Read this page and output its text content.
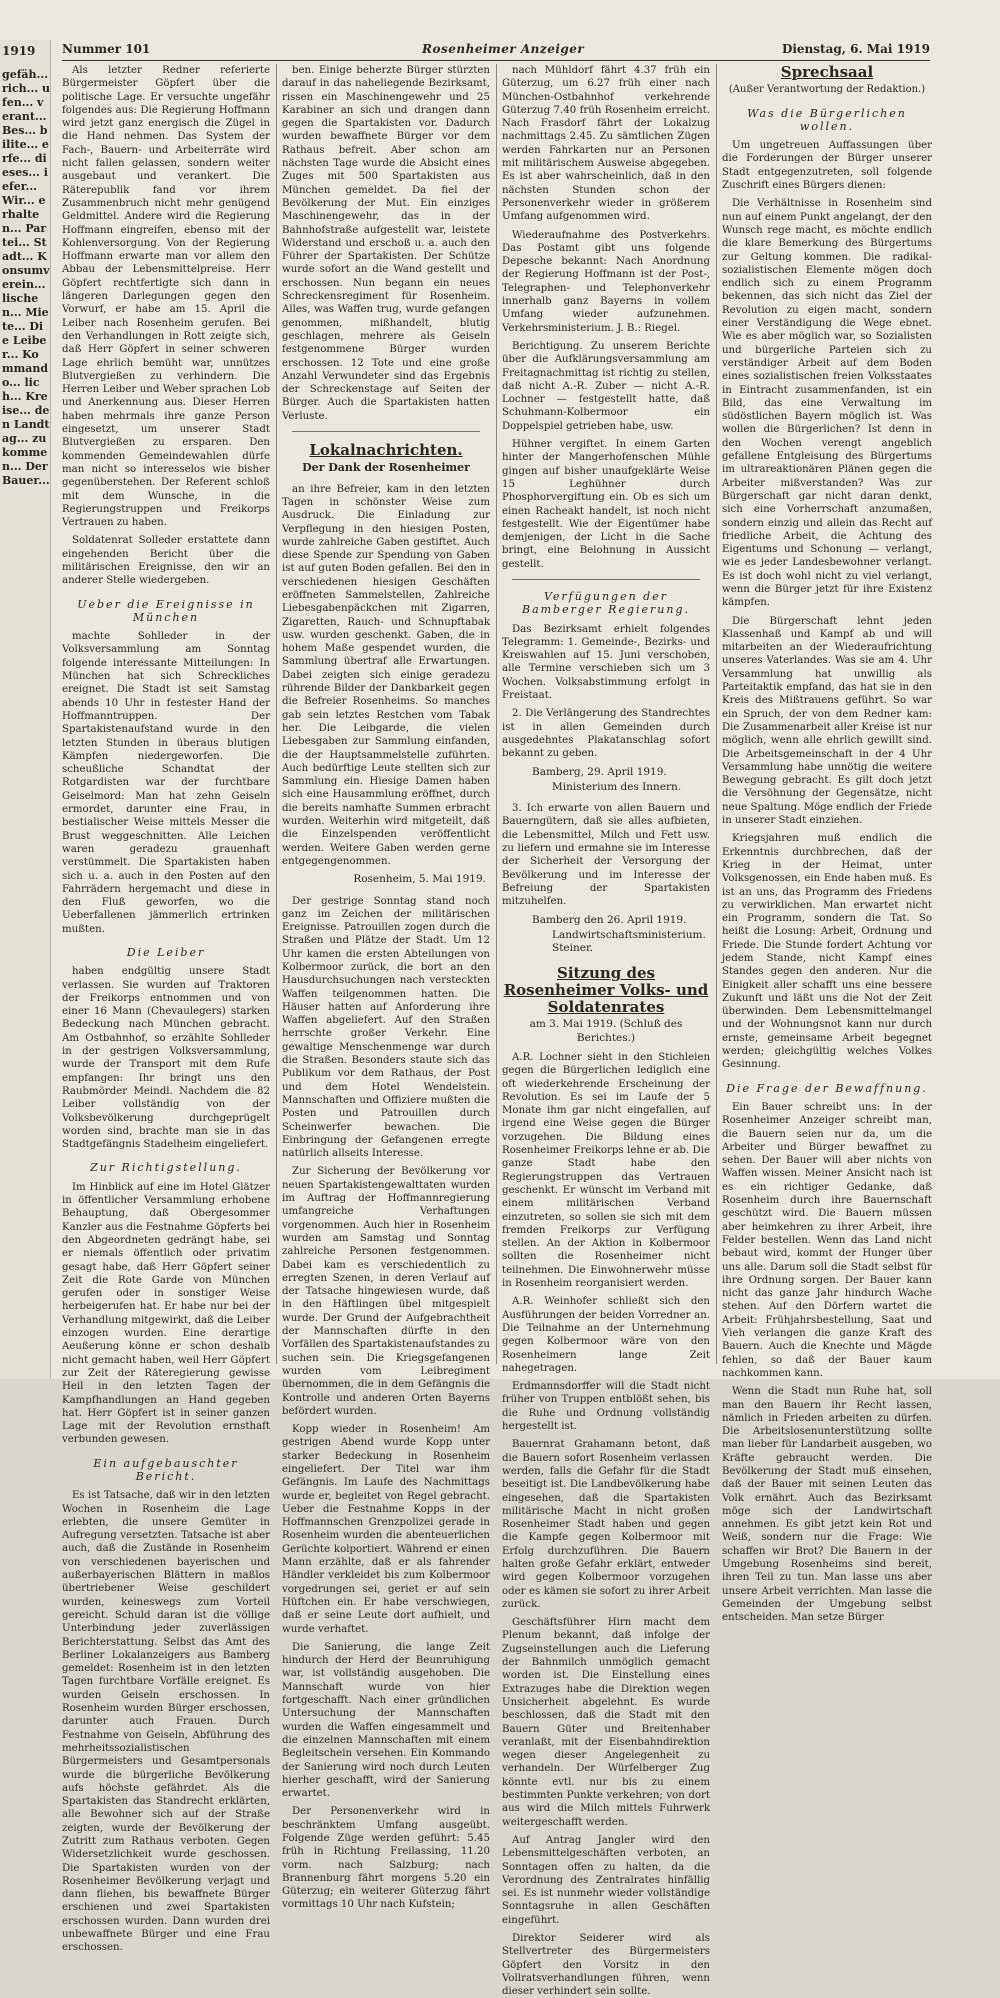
1919
gefäh... rich... ufen... verant... Bes... bilite... erfe... dieses... iefer... Wir... erhalten... Partei... Stadt... Konsumverein... lischen... Miete... Die Leiber... Kommando... lich... Kreise... den Landtag... zu kommen... Der Bauer...
Nummer 101	Rosenheimer Anzeiger	Dienstag, 6. Mai 1919

Als letzter Redner referierte Bürgermeister Göpfert über die politische Lage. Er versuchte ungefähr folgendes aus: Die Regierung Hoffmann wird jetzt ganz energisch die Zügel in die Hand nehmen. Das System der Fach-, Bauern- und Arbeiterräte wird nicht fallen gelassen, sondern weiter ausgebaut und verankert. Die Räterepublik fand vor ihrem Zusammenbruch nicht mehr genügend Geldmittel. Andere wird die Regierung Hoffmann eingreifen, ebenso mit der Kohlenversorgung. Von der Regierung Hoffmann erwarte man vor allem den Abbau der Lebensmittelpreise. Herr Göpfert rechtfertigte sich dann in längeren Darlegungen gegen den Vorwurf, er habe am 15. April die Leiber nach Rosenheim gerufen. Bei den Verhandlungen in Rott zeigte sich, daß Herr Göpfert in seiner schweren Lage ehrlich bemüht war, unnützes Blutvergießen zu verhindern. Die Herren Leiber und Weber sprachen Lob und Anerkennung aus. Dieser Herren haben mehrmals ihre ganze Person eingesetzt, um unserer Stadt Blutvergießen zu ersparen. Den kommenden Gemeindewahlen dürfe man nicht so interesselos wie bisher gegenüberstehen. Der Referent schloß mit dem Wunsche, in die Regierungstruppen und Freikorps Vertrauen zu haben.

Soldatenrat Solleder erstattete dann eingehenden Bericht über die militärischen Ereignisse, den wir an anderer Stelle wiedergeben.

Ueber die Ereignisse in München

machte Sohlleder in der Volksversammlung am Sonntag folgende interessante Mitteilungen: In München hat sich Schreckliches ereignet. Die Stadt ist seit Samstag abends 10 Uhr in festester Hand der Hoffmanntruppen. Der Spartakistenaufstand wurde in den letzten Stunden in überaus blutigen Kämpfen niedergeworfen. Die scheußliche Schandtat der Rotgardisten war der furchtbare Geiselmord: Man hat zehn Geiseln ermordet, darunter eine Frau, in bestialischer Weise mittels Messer die Brust weggeschnitten. Alle Leichen waren geradezu grauenhaft verstümmelt. Die Spartakisten haben sich u. a. auch in den Posten auf den Fahrrädern hergemacht und diese in den Fluß geworfen, wo die Ueberfallenen jämmerlich ertrinken mußten.

Die Leiber

haben endgültig unsere Stadt verlassen. Sie wurden auf Traktoren der Freikorps entnommen und von einer 16 Mann (Chevaulegers) starken Bedeckung nach München gebracht. Am Ostbahnhof, so erzählte Sohlleder in der gestrigen Volksversammlung, wurde der Transport mit dem Rufe empfangen: Ihr bringt uns den Raubmörder Meindl. Nachdem die 82 Leiber vollständig von der Volksbevölkerung durchgeprügelt worden sind, brachte man sie in das Stadtgefängnis Stadelheim eingeliefert.

Zur Richtigstellung.

Im Hinblick auf eine im Hotel Glätzer in öffentlicher Versammlung erhobene Behauptung, daß Obergesommer Kanzler aus die Festnahme Göpferts bei den Abgeordneten gedrängt habe, sei er niemals öffentlich oder privatim gesagt habe, daß Herr Göpfert seiner Zeit die Rote Garde von München gerufen oder in sonstiger Weise herbeigerufen hat. Er habe nur bei der Verhandlung mitgewirkt, daß die Leiber einzogen wurden. Eine derartige Aeußerung könne er schon deshalb nicht gemacht haben, weil Herr Göpfert zur Zeit der Räteregierung gewisse Heil in den letzten Tagen der Kampfhandlungen an Hand gegeben hat. Herr Göpfert ist in seiner ganzen Lage mit der Revolution ernsthaft verbunden gewesen.

Ein aufgebauschter Bericht.

Es ist Tatsache, daß wir in den letzten Wochen in Rosenheim die Lage erlebten, die unsere Gemüter in Aufregung versetzten. Tatsache ist aber auch, daß die Zustände in Rosenheim von verschiedenen bayerischen und außerbayerischen Blättern in maßlos übertriebener Weise geschildert wurden, keineswegs zum Vorteil gereicht. Schuld daran ist die völlige Unterbindung jeder zuverlässigen Berichterstattung. Selbst das Amt des Berliner Lokalanzeigers aus Bamberg gemeldet: Rosenheim ist in den letzten Tagen furchtbare Vorfälle ereignet. Es wurden Geiseln erschossen. In Rosenheim wurden Bürger erschossen, darunter auch Frauen. Durch Festnahme von Geiseln, Abführung des mehrheitssozialistischen Bürgermeisters und Gesamtpersonals wurde die bürgerliche Bevölkerung aufs höchste gefährdet. Als die Spartakisten das Standrecht erklärten, alle Bewohner sich auf der Straße zeigten, wurde der Bevölkerung der Zutritt zum Rathaus verboten. Gegen Widersetzlichkeit wurde geschossen. Die Spartakisten wurden von der Rosenheimer Bevölkerung verjagt und dann fliehen, bis bewaffnete Bürger erschienen und zwei Spartakisten erschossen wurden. Dann wurden drei unbewaffnete Bürger und eine Frau erschossen.

ben. Einige beherzte Bürger stürzten darauf in das naheliegende Bezirksamt, rissen ein Maschinengewehr und 25 Karabiner an sich und drangen dann gegen die Spartakisten vor. Dadurch wurden bewaffnete Bürger vor dem Rathaus befreit. Aber schon am nächsten Tage wurde die Absicht eines Zuges mit 500 Spartakisten aus München gemeldet. Da fiel der Bevölkerung der Mut. Ein einziges Maschinengewehr, das in der Bahnhofstraße aufgestellt war, leistete Widerstand und erschoß u. a. auch den Führer der Spartakisten. Der Schütze wurde sofort an die Wand gestellt und erschossen. Nun begann ein neues Schreckensregiment für Rosenheim. Alles, was Waffen trug, wurde gefangen genommen, mißhandelt, blutig geschlagen, mehrere als Geiseln festgenommene Bürger wurden erschossen. 12 Tote und eine große Anzahl Verwundeter sind das Ergebnis der Schreckenstage auf Seiten der Bürger. Auch die Spartakisten hatten Verluste.

Lokalnachrichten.
Der Dank der Rosenheimer

an ihre Befreier, kam in den letzten Tagen in schönster Weise zum Ausdruck. Die Einladung zur Verpflegung in den hiesigen Posten, wurde zahlreiche Gaben gestiftet. Auch diese Spende zur Spendung von Gaben ist auf guten Boden gefallen. Bei den in verschiedenen hiesigen Geschäften eröffneten Sammelstellen, Zahlreiche Liebesgabenpäckchen mit Zigarren, Zigaretten, Rauch- und Schnupftabak usw. wurden geschenkt. Gaben, die in hohem Maße gespendet wurden, die Sammlung übertraf alle Erwartungen. Dabei zeigten sich einige geradezu rührende Bilder der Dankbarkeit gegen die Befreier Rosenheims. So manches gab sein letztes Restchen vom Tabak her. Die Leibgarde, die vielen Liebesgaben zur Sammlung einfanden, die der Hauptsammelstelle zuführten. Auch bedürftige Leute stellten sich zur Sammlung ein. Hiesige Damen haben sich eine Hausammlung eröffnet, durch die bereits namhafte Summen erbracht wurden. Weiterhin wird mitgeteilt, daß die Einzelspenden veröffentlicht werden. Weitere Gaben werden gerne entgegengenommen.

Rosenheim, 5. Mai 1919.

Der gestrige Sonntag stand noch ganz im Zeichen der militärischen Ereignisse. Patrouillen zogen durch die Straßen und Plätze der Stadt. Um 12 Uhr kamen die ersten Abteilungen von Kolbermoor zurück, die bort an den Hausdurchsuchungen nach versteckten Waffen teilgenommen hatten. Die Häuser hatten auf Anforderung ihre Waffen abgeliefert. Auf den Straßen herrschte großer Verkehr. Eine gewaltige Menschenmenge war durch die Straßen. Besonders staute sich das Publikum vor dem Rathaus, der Post und dem Hotel Wendelstein. Mannschaften und Offiziere mußten die Posten und Patrouillen durch Scheinwerfer bewachen. Die Einbringung der Gefangenen erregte natürlich allseits Interesse.

Zur Sicherung der Bevölkerung vor neuen Spartakistengewalttaten wurden im Auftrag der Hoffmannregierung umfangreiche Verhaftungen vorgenommen. Auch hier in Rosenheim wurden am Samstag und Sonntag zahlreiche Personen festgenommen. Dabei kam es verschiedentlich zu erregten Szenen, in deren Verlauf auf der Tatsache hingewiesen wurde, daß in den Häftlingen übel mitgespielt wurde. Der Grund der Aufgebrachtheit der Mannschaften dürfte in den Vorfällen des Spartakistenaufstandes zu suchen sein. Die Kriegsgefangenen wurden vom Leibregiment übernommen, die in dem Gefängnis die Kontrolle und anderen Orten Bayerns befördert wurden.

Kopp wieder in Rosenheim! Am gestrigen Abend wurde Kopp unter starker Bedeckung in Rosenheim eingeliefert. Der Titel war ihm Gefängnis. Im Laufe des Nachmittags wurde er, begleitet von Regel gebracht. Ueber die Festnahme Kopps in der Hoffmannschen Grenzpolizei gerade in Rosenheim wurden die abenteuerlichen Gerüchte kolportiert. Während er einen Mann erzählte, daß er als fahrender Händler verkleidet bis zum Kolbermoor vorgedrungen sei, geriet er auf sein Hüftchen ein. Er habe verschwiegen, daß er seine Leute dort aufhielt, und wurde verhaftet.

Die Sanierung, die lange Zeit hindurch der Herd der Beunruhigung war, ist vollständig ausgehoben. Die Mannschaft wurde von hier fortgeschafft. Nach einer gründlichen Untersuchung der Mannschaften wurden die Waffen eingesammelt und die einzelnen Mannschaften mit einem Begleitschein versehen. Ein Kommando der Sanierung wird noch durch Leuten hierher geschafft, wird der Sanierung erwartet.

Der Personenverkehr wird in beschränktem Umfang ausgeübt. Folgende Züge werden geführt: 5.45 früh in Richtung Freilassing, 11.20 vorm. nach Salzburg; nach Brannenburg fährt morgens 5.20 ein Güterzug; ein weiterer Güterzug fährt vormittags 10 Uhr nach Kufstein;

nach Mühldorf fährt 4.37 früh ein Güterzug, um 6.27 früh einer nach München-Ostbahnhof verkehrende Güterzug 7.40 früh Rosenheim erreicht. Nach Frasdorf fährt der Lokalzug nachmittags 2.45. Zu sämtlichen Zügen werden Fahrkarten nur an Personen mit militärischem Ausweise abgegeben. Es ist aber wahrscheinlich, daß in den nächsten Stunden schon der Personenverkehr wieder in größerem Umfang aufgenommen wird.

Wiederaufnahme des Postverkehrs. Das Postamt gibt uns folgende Depesche bekannt: Nach Anordnung der Regierung Hoffmann ist der Post-, Telegraphen- und Telephonverkehr innerhalb ganz Bayerns in vollem Umfang wieder aufzunehmen. Verkehrsministerium. J. B.: Riegel.

Berichtigung. Zu unserem Berichte über die Aufklärungsversammlung am Freitagnachmittag ist richtig zu stellen, daß nicht A.-R. Zuber — nicht A.-R. Lochner — festgestellt hatte, daß Schuhmann-Kolbermoor ein Doppelspiel getrieben habe, usw.

Hühner vergiftet. In einem Garten hinter der Mangerhofenschen Mühle gingen auf bisher unaufgeklärte Weise 15 Leghühner durch Phosphorvergiftung ein. Ob es sich um einen Racheakt handelt, ist noch nicht festgestellt. Wie der Eigentümer habe demjenigen, der Licht in die Sache bringt, eine Belohnung in Aussicht gestellt.

Verfügungen der Bamberger Regierung.

Das Bezirksamt erhielt folgendes Telegramm: 1. Gemeinde-, Bezirks- und Kreiswahlen auf 15. Juni verschoben, alle Termine verschieben sich um 3 Wochen. Volksabstimmung erfolgt in Freistaat.

2. Die Verlängerung des Standrechtes ist in allen Gemeinden durch ausgedehntes Plakatanschlag sofort bekannt zu geben.

Bamberg, 29. April 1919.
Ministerium des Innern.

3. Ich erwarte von allen Bauern und Bauerngütern, daß sie alles aufbieten, die Lebensmittel, Milch und Fett usw. zu liefern und ermahne sie im Interesse der Sicherheit der Versorgung der Bevölkerung und im Interesse der Befreiung der Spartakisten mitzuhelfen.

Bamberg den 26. April 1919.
Landwirtschaftsministerium. Steiner.
Sitzung des Rosenheimer Volks- und Soldatenrates
am 3. Mai 1919. (Schluß des Berichtes.)

A.R. Lochner sieht in den Stichleien gegen die Bürgerlichen lediglich eine oft wiederkehrende Erscheinung der Revolution. Es sei im Laufe der 5 Monate ihm gar nicht eingefallen, auf irgend eine Weise gegen die Bürger vorzugehen. Die Bildung eines Rosenheimer Freikorps lehne er ab. Die ganze Stadt habe den Regierungstruppen das Vertrauen geschenkt. Er wünscht im Verband mit einem militärischen Verband einzutreten, so sollen sie sich mit dem fremden Freikorps zur Verfügung stellen. An der Aktion in Kolbermoor sollten die Rosenheimer nicht teilnehmen. Die Einwohnerwehr müsse in Rosenheim reorganisiert werden.

A.R. Weinhofer schließt sich den Ausführungen der beiden Vorredner an. Die Teilnahme an der Unternehmung gegen Kolbermoor wäre von den Rosenheimern lange Zeit nahegetragen.

Erdmannsdorffer will die Stadt nicht früher von Truppen entblößt sehen, bis die Ruhe und Ordnung vollständig hergestellt ist.

Bauernrat Grahamann betont, daß die Bauern sofort Rosenheim verlassen werden, falls die Gefahr für die Stadt beseitigt ist. Die Landbevölkerung habe eingesehen, daß die Spartakisten militärische Macht in nicht großen Rosenheimer Stadt haben und gegen die Kampfe gegen Kolbermoor mit Erfolg durchzuführen. Die Bauern halten große Gefahr erklärt, entweder wird gegen Kolbermoor vorzugehen oder es kämen sie sofort zu ihrer Arbeit zurück.

Geschäftsführer Hirn macht dem Plenum bekannt, daß infolge der Zugseinstellungen auch die Lieferung der Bahnmilch unmöglich gemacht worden ist. Die Einstellung eines Extrazuges habe die Direktion wegen Unsicherheit abgelehnt. Es wurde beschlossen, daß die Stadt mit den Bauern Güter und Breitenhaber veranlaßt, mit der Eisenbahndirektion wegen dieser Angelegenheit zu verhandeln. Der Würfelberger Zug könnte evtl. nur bis zu einem bestimmten Punkte verkehren; von dort aus wird die Milch mittels Fuhrwerk weitergeschafft werden.

Auf Antrag Jangler wird den Lebensmittelgeschäften verboten, an Sonntagen offen zu halten, da die Verordnung des Zentralrates hinfällig sei. Es ist nunmehr wieder vollständige Sonntagsruhe in allen Geschäften eingeführt.

Direktor Seiderer wird als Stellvertreter des Bürgermeisters Göpfert den Vorsitz in den Vollratsverhandlungen führen, wenn dieser verhindert sein sollte.

Sprechsaal
(Außer Verantwortung der Redaktion.)
Was die Bürgerlichen wollen.

Um ungetreuen Auffassungen über die Forderungen der Bürger unserer Stadt entgegenzutreten, soll folgende Zuschrift eines Bürgers dienen:

Die Verhältnisse in Rosenheim sind nun auf einem Punkt angelangt, der den Wunsch rege macht, es möchte endlich die klare Bemerkung des Bürgertums zur Geltung kommen. Die radikal-sozialistischen Elemente mögen doch endlich sich zu einem Programm bekennen, das sich nicht das Ziel der Revolution zu eigen macht, sondern einer Verständigung die Wege ebnet. Wie es aber möglich war, so Sozialisten und bürgerliche Parteien sich zu verständiger Arbeit auf dem Boden eines sozialistischen freien Volksstaates in Eintracht zusammenfanden, ist ein Bild, das eine Verwaltung im südöstlichen Bayern möglich ist. Was wollen die Bürgerlichen? Ist denn in den Wochen verengt angeblich gefallene Entgleisung des Bürgertums im ultrareaktionären Plänen gegen die Arbeiter mißverstanden? Was zur Bürgerschaft gar nicht daran denkt, sich eine Vorherrschaft anzumaßen, sondern einzig und allein das Recht auf friedliche Arbeit, die Achtung des Eigentums und Schonung — verlangt, wie es jeder Landesbewohner verlangt. Es ist doch wohl nicht zu viel verlangt, wenn die Bürger jetzt für ihre Existenz kämpfen.

Die Bürgerschaft lehnt jeden Klassenhaß und Kampf ab und will mitarbeiten an der Wiederaufrichtung unseres Vaterlandes. Was sie am 4. Uhr Versammlung hat unwillig als Parteitaktik empfand, das hat sie in den Kreis des Mißtrauens geführt. So war ein Spruch, der von dem Redner kam: Die Zusammenarbeit aller Kreise ist nur möglich, wenn alle ehrlich gewillt sind. Die Arbeitsgemeinschaft in der 4 Uhr Versammlung habe unnötig die weitere Bewegung gebracht. Es gilt doch jetzt die Versöhnung der Gegensätze, nicht neue Spaltung. Möge endlich der Friede in unserer Stadt einziehen.

Kriegsjahren muß endlich die Erkenntnis durchbrechen, daß der Krieg in der Heimat, unter Volksgenossen, ein Ende haben muß. Es ist an uns, das Programm des Friedens zu verwirklichen. Man erwartet nicht ein Programm, sondern die Tat. So heißt die Losung: Arbeit, Ordnung und Friede. Die Stunde fordert Achtung vor jedem Stande, nicht Kampf eines Standes gegen den anderen. Nur die Einigkeit aller schafft uns eine bessere Zukunft und läßt uns die Not der Zeit überwinden. Dem Lebensmittelmangel und der Wohnungsnot kann nur durch ernste, gemeinsame Arbeit begegnet werden; gleichgültig welches Volkes Gesinnung.

Die Frage der Bewaffnung.

Ein Bauer schreibt uns: In der Rosenheimer Anzeiger schreibt man, die Bauern seien nur da, um die Arbeiter und Bürger bewaffnet zu sehen. Der Bauer will aber nichts von Waffen wissen. Meiner Ansicht nach ist es ein richtiger Gedanke, daß Rosenheim durch ihre Bauernschaft geschützt wird. Die Bauern müssen aber heimkehren zu ihrer Arbeit, ihre Felder bestellen. Wenn das Land nicht bebaut wird, kommt der Hunger über uns alle. Darum soll die Stadt selbst für ihre Ordnung sorgen. Der Bauer kann nicht das ganze Jahr hindurch Wache stehen. Auf den Dörfern wartet die Arbeit: Frühjahrsbestellung, Saat und Vieh verlangen die ganze Kraft des Bauern. Auch die Knechte und Mägde fehlen, so daß der Bauer kaum nachkommen kann.

Wenn die Stadt nun Ruhe hat, soll man den Bauern ihr Recht lassen, nämlich in Frieden arbeiten zu dürfen. Die Arbeitslosenunterstützung sollte man lieber für Landarbeit ausgeben, wo Kräfte gebraucht werden. Die Bevölkerung der Stadt muß einsehen, daß der Bauer mit seinen Leuten das Volk ernährt. Auch das Bezirksamt möge sich der Landwirtschaft annehmen. Es gibt jetzt kein Rot und Weiß, sondern nur die Frage: Wie schaffen wir Brot? Die Bauern in der Umgebung Rosenheims sind bereit, ihren Teil zu tun. Man lasse uns aber unsere Arbeit verrichten. Man lasse die Gemeinden der Umgebung selbst entscheiden. Man setze Bürger
